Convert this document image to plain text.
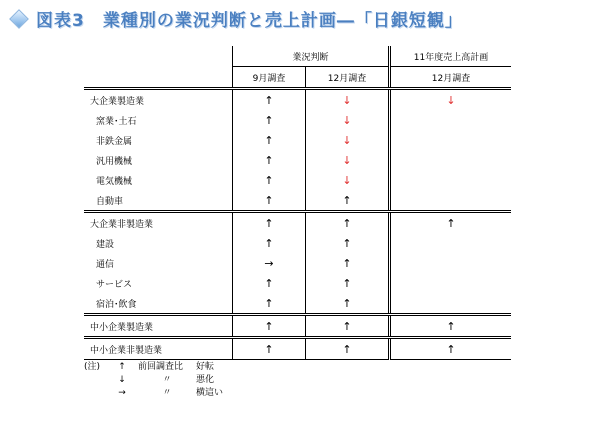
図表3　業種別の業況判断と売上計画―「日銀短観」
	業況判断		11年度売上高計画
	9月調査	12月調査	12月調査
大企業製造業	↑	↓	↓
窯業･土石	↑	↓	
非鉄金属	↑	↓	
汎用機械	↑	↓	
電気機械	↑	↓	
自動車	↑	↑	
大企業非製造業	↑	↑	↑
建設	↑	↑	
通信	→	↑	
サービス	↑	↑	
宿泊･飲食	↑	↑	
中小企業製造業	↑	↑	↑
中小企業非製造業	↑	↑	↑
(注)	↑	前回調査比	好転
↓	〃	悪化
→	〃	横這い
